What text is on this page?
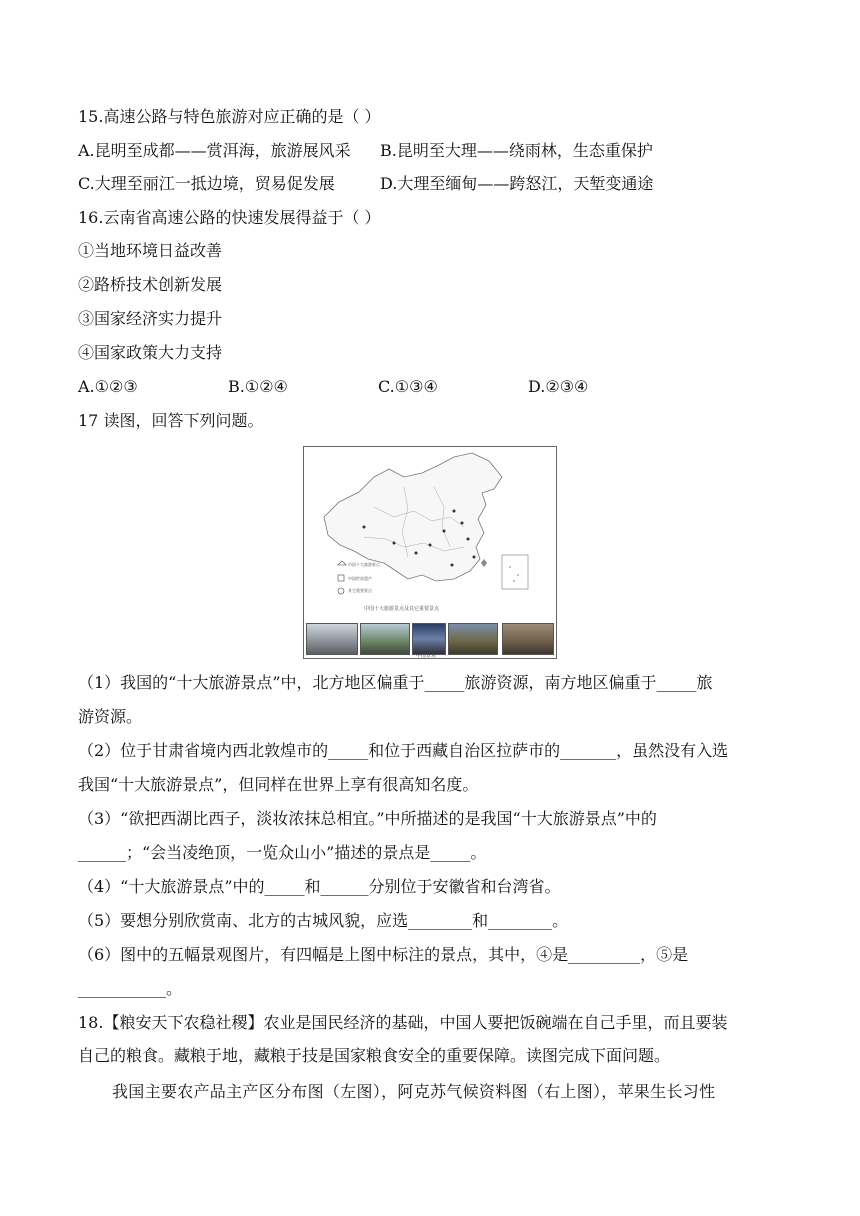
15.高速公路与特色旅游对应正确的是（ ）
A.昆明至成都——赏洱海，旅游展风采 B.昆明至大理——绕雨林，生态重保护
C.大理至丽江一抵边境，贸易促发展	D.大理至缅甸——跨怒江，天堑变通途
16.云南省高速公路的快速发展得益于（ ）
①当地环境日益改善
②路桥技术创新发展
③国家经济实力提升
④国家政策大力支持
A.①②③	B.①②④	C.①③④	D.②③④
17 读图，回答下列问题。
中国十大旅游景点
中国世界遗产
其它重要景点
中国十大旅游景点及其它重要景点
中国景观
（1）我国的“十大旅游景点”中，北方地区偏重于_____旅游资源，南方地区偏重于_____旅
游资源。
（2）位于甘肃省境内西北敦煌市的_____和位于西藏自治区拉萨市的_______，虽然没有入选
我国“十大旅游景点”，但同样在世界上享有很高知名度。
（3）“欲把西湖比西子，淡妆浓抹总相宜。”中所描述的是我国“十大旅游景点”中的
______；“会当凌绝顶，一览众山小”描述的景点是_____。
（4）“十大旅游景点”中的_____和______分别位于安徽省和台湾省。
（5）要想分别欣赏南、北方的古城风貌，应选________和________。
（6）图中的五幅景观图片，有四幅是上图中标注的景点，其中，④是_________，⑤是
___________。
18.【粮安天下农稳社稷】农业是国民经济的基础，中国人要把饭碗端在自己手里，而且要装
自己的粮食。藏粮于地，藏粮于技是国家粮食安全的重要保障。读图完成下面问题。
我国主要农产品主产区分布图（左图），阿克苏气候资料图（右上图），苹果生长习性
